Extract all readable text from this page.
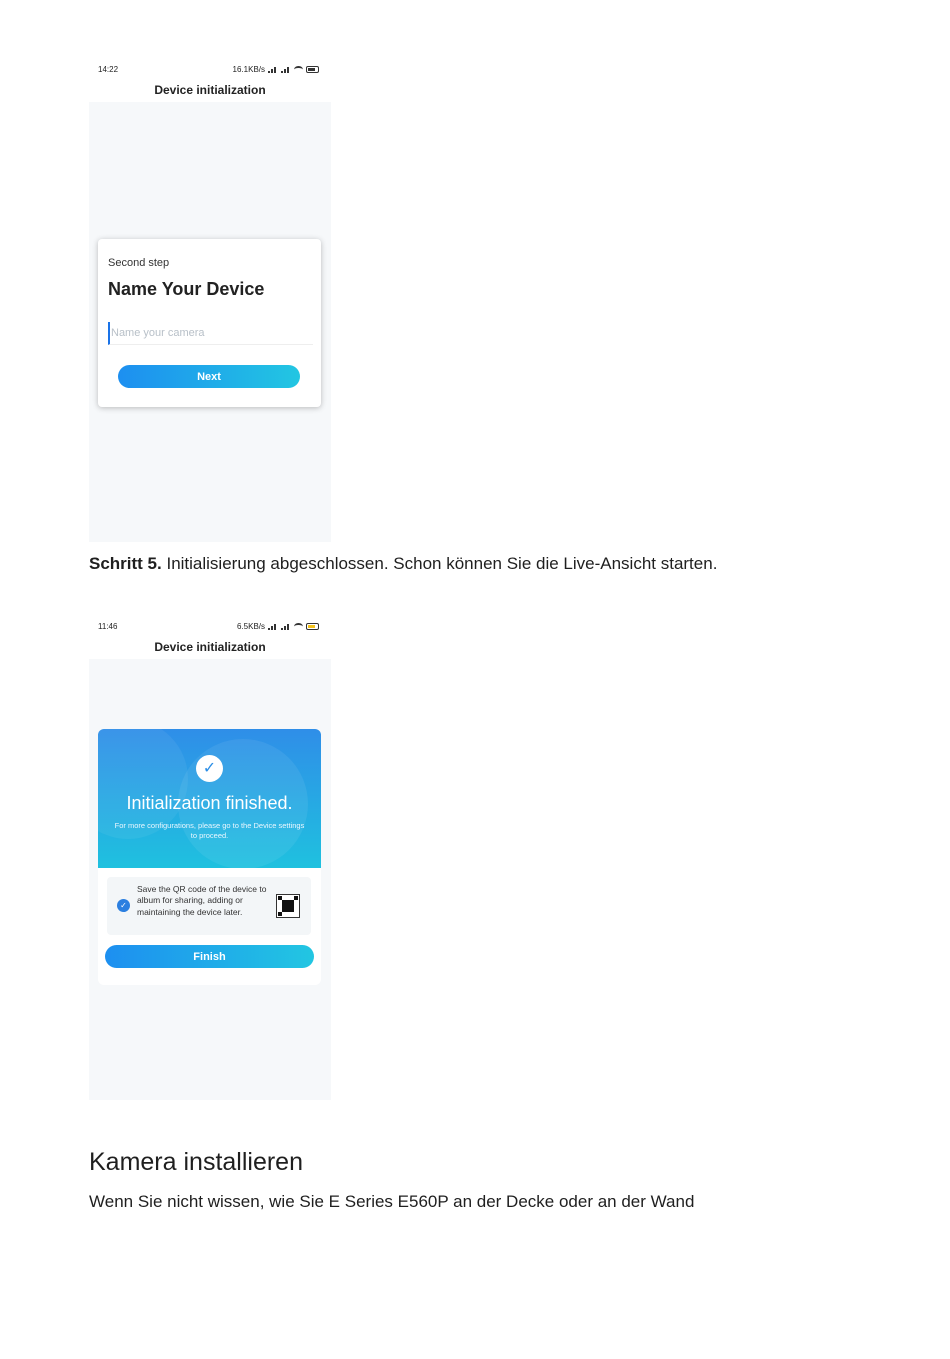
14:22	16.1KB/s
Device initialization
Second step
Name Your Device
Name your camera
Next
Schritt 5. Initialisierung abgeschlossen. Schon können Sie die Live-Ansicht starten.
11:46	6.5KB/s
Device initialization
✓
Initialization finished.
For more configurations, please go to the Device settings to proceed.
✓
Save the QR code of the device to album for sharing, adding or maintaining the device later.
Finish
Kamera installieren
Wenn Sie nicht wissen, wie Sie E Series E560P an der Decke oder an der Wand
